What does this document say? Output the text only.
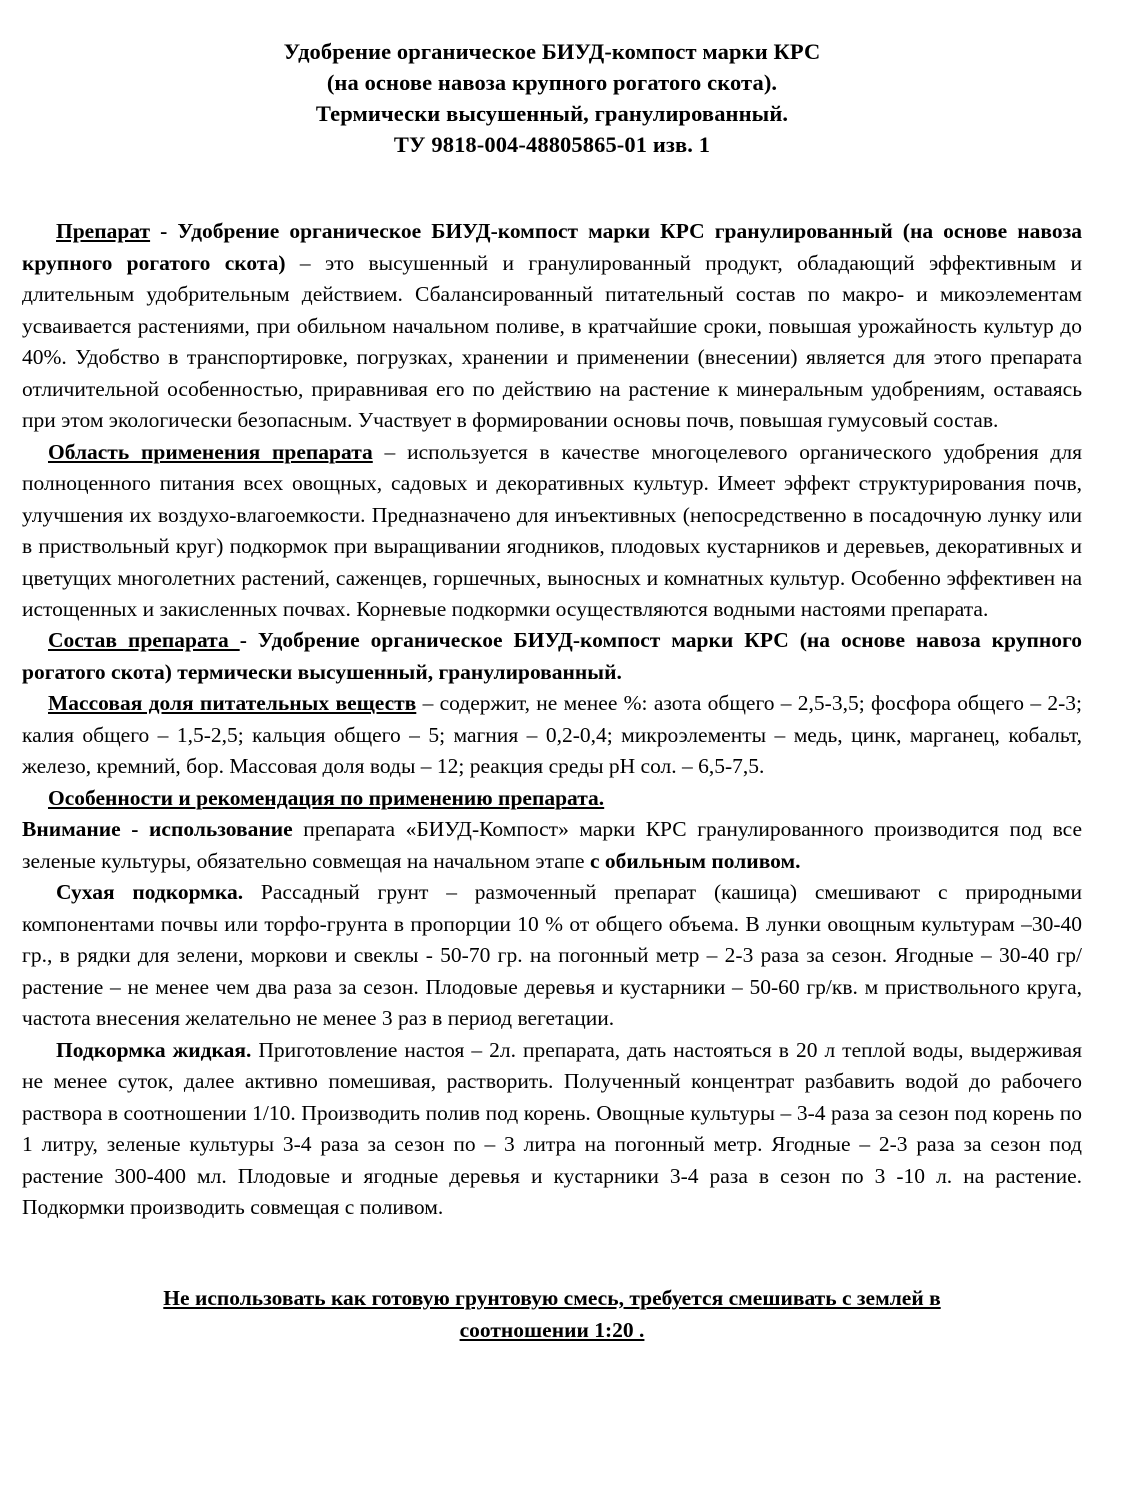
Удобрение органическое БИУД-компост марки КРС
(на основе навоза крупного рогатого скота).
Термически высушенный, гранулированный.
ТУ 9818-004-48805865-01 изв. 1

Препарат - Удобрение органическое БИУД-компост марки КРС гранулированный (на основе навоза крупного рогатого скота) – это высушенный и гранулированный продукт, обладающий эффективным и длительным удобрительным действием. Сбалансированный питательный состав по макро- и микоэлементам усваивается растениями, при обильном начальном поливе, в кратчайшие сроки, повышая урожайность культур до 40%. Удобство в транспортировке, погрузках, хранении и применении (внесении) является для этого препарата отличительной особенностью, приравнивая его по действию на растение к минеральным удобрениям, оставаясь при этом экологически безопасным. Участвует в формировании основы почв, повышая гумусовый состав.

Область применения препарата – используется в качестве многоцелевого органического удобрения для полноценного питания всех овощных, садовых и декоративных культур. Имеет эффект структурирования почв, улучшения их воздухо-влагоемкости. Предназначено для инъективных (непосредственно в посадочную лунку или в приствольный круг) подкормок при выращивании ягодников, плодовых кустарников и деревьев, декоративных и цветущих многолетних растений, саженцев, горшечных, выносных и комнатных культур. Особенно эффективен на истощенных и закисленных почвах. Корневые подкормки осуществляются водными настоями препарата.

Состав препарата - Удобрение органическое БИУД-компост марки КРС (на основе навоза крупного рогатого скота) термически высушенный, гранулированный.

Массовая доля питательных веществ – содержит, не менее %: азота общего – 2,5-3,5; фосфора общего – 2-3; калия общего – 1,5-2,5; кальция общего – 5; магния – 0,2-0,4; микроэлементы – медь, цинк, марганец, кобальт, железо, кремний, бор. Массовая доля воды – 12; реакция среды рН сол. – 6,5-7,5.

Особенности и рекомендация по применению препарата.

Внимание - использование препарата «БИУД-Компост» марки КРС гранулированного производится под все зеленые культуры, обязательно совмещая на начальном этапе с обильным поливом.

Сухая подкормка. Рассадный грунт – размоченный препарат (кашица) смешивают с природными компонентами почвы или торфо-грунта в пропорции 10 % от общего объема. В лунки овощным культурам –30-40 гр., в рядки для зелени, моркови и свеклы - 50-70 гр. на погонный метр – 2-3 раза за сезон. Ягодные – 30-40 гр/растение – не менее чем два раза за сезон. Плодовые деревья и кустарники – 50-60 гр/кв. м приствольного круга, частота внесения желательно не менее 3 раз в период вегетации.

Подкормка жидкая. Приготовление настоя – 2л. препарата, дать настояться в 20 л теплой воды, выдерживая не менее суток, далее активно помешивая, растворить. Полученный концентрат разбавить водой до рабочего раствора в соотношении 1/10. Производить полив под корень. Овощные культуры – 3-4 раза за сезон под корень по 1 литру, зеленые культуры 3-4 раза за сезон по – 3 литра на погонный метр. Ягодные – 2-3 раза за сезон под растение 300-400 мл. Плодовые и ягодные деревья и кустарники 3-4 раза в сезон по 3 -10 л. на растение. Подкормки производить совмещая с поливом.

Не использовать как готовую грунтовую смесь, требуется смешивать с землей в
соотношении 1:20 .
